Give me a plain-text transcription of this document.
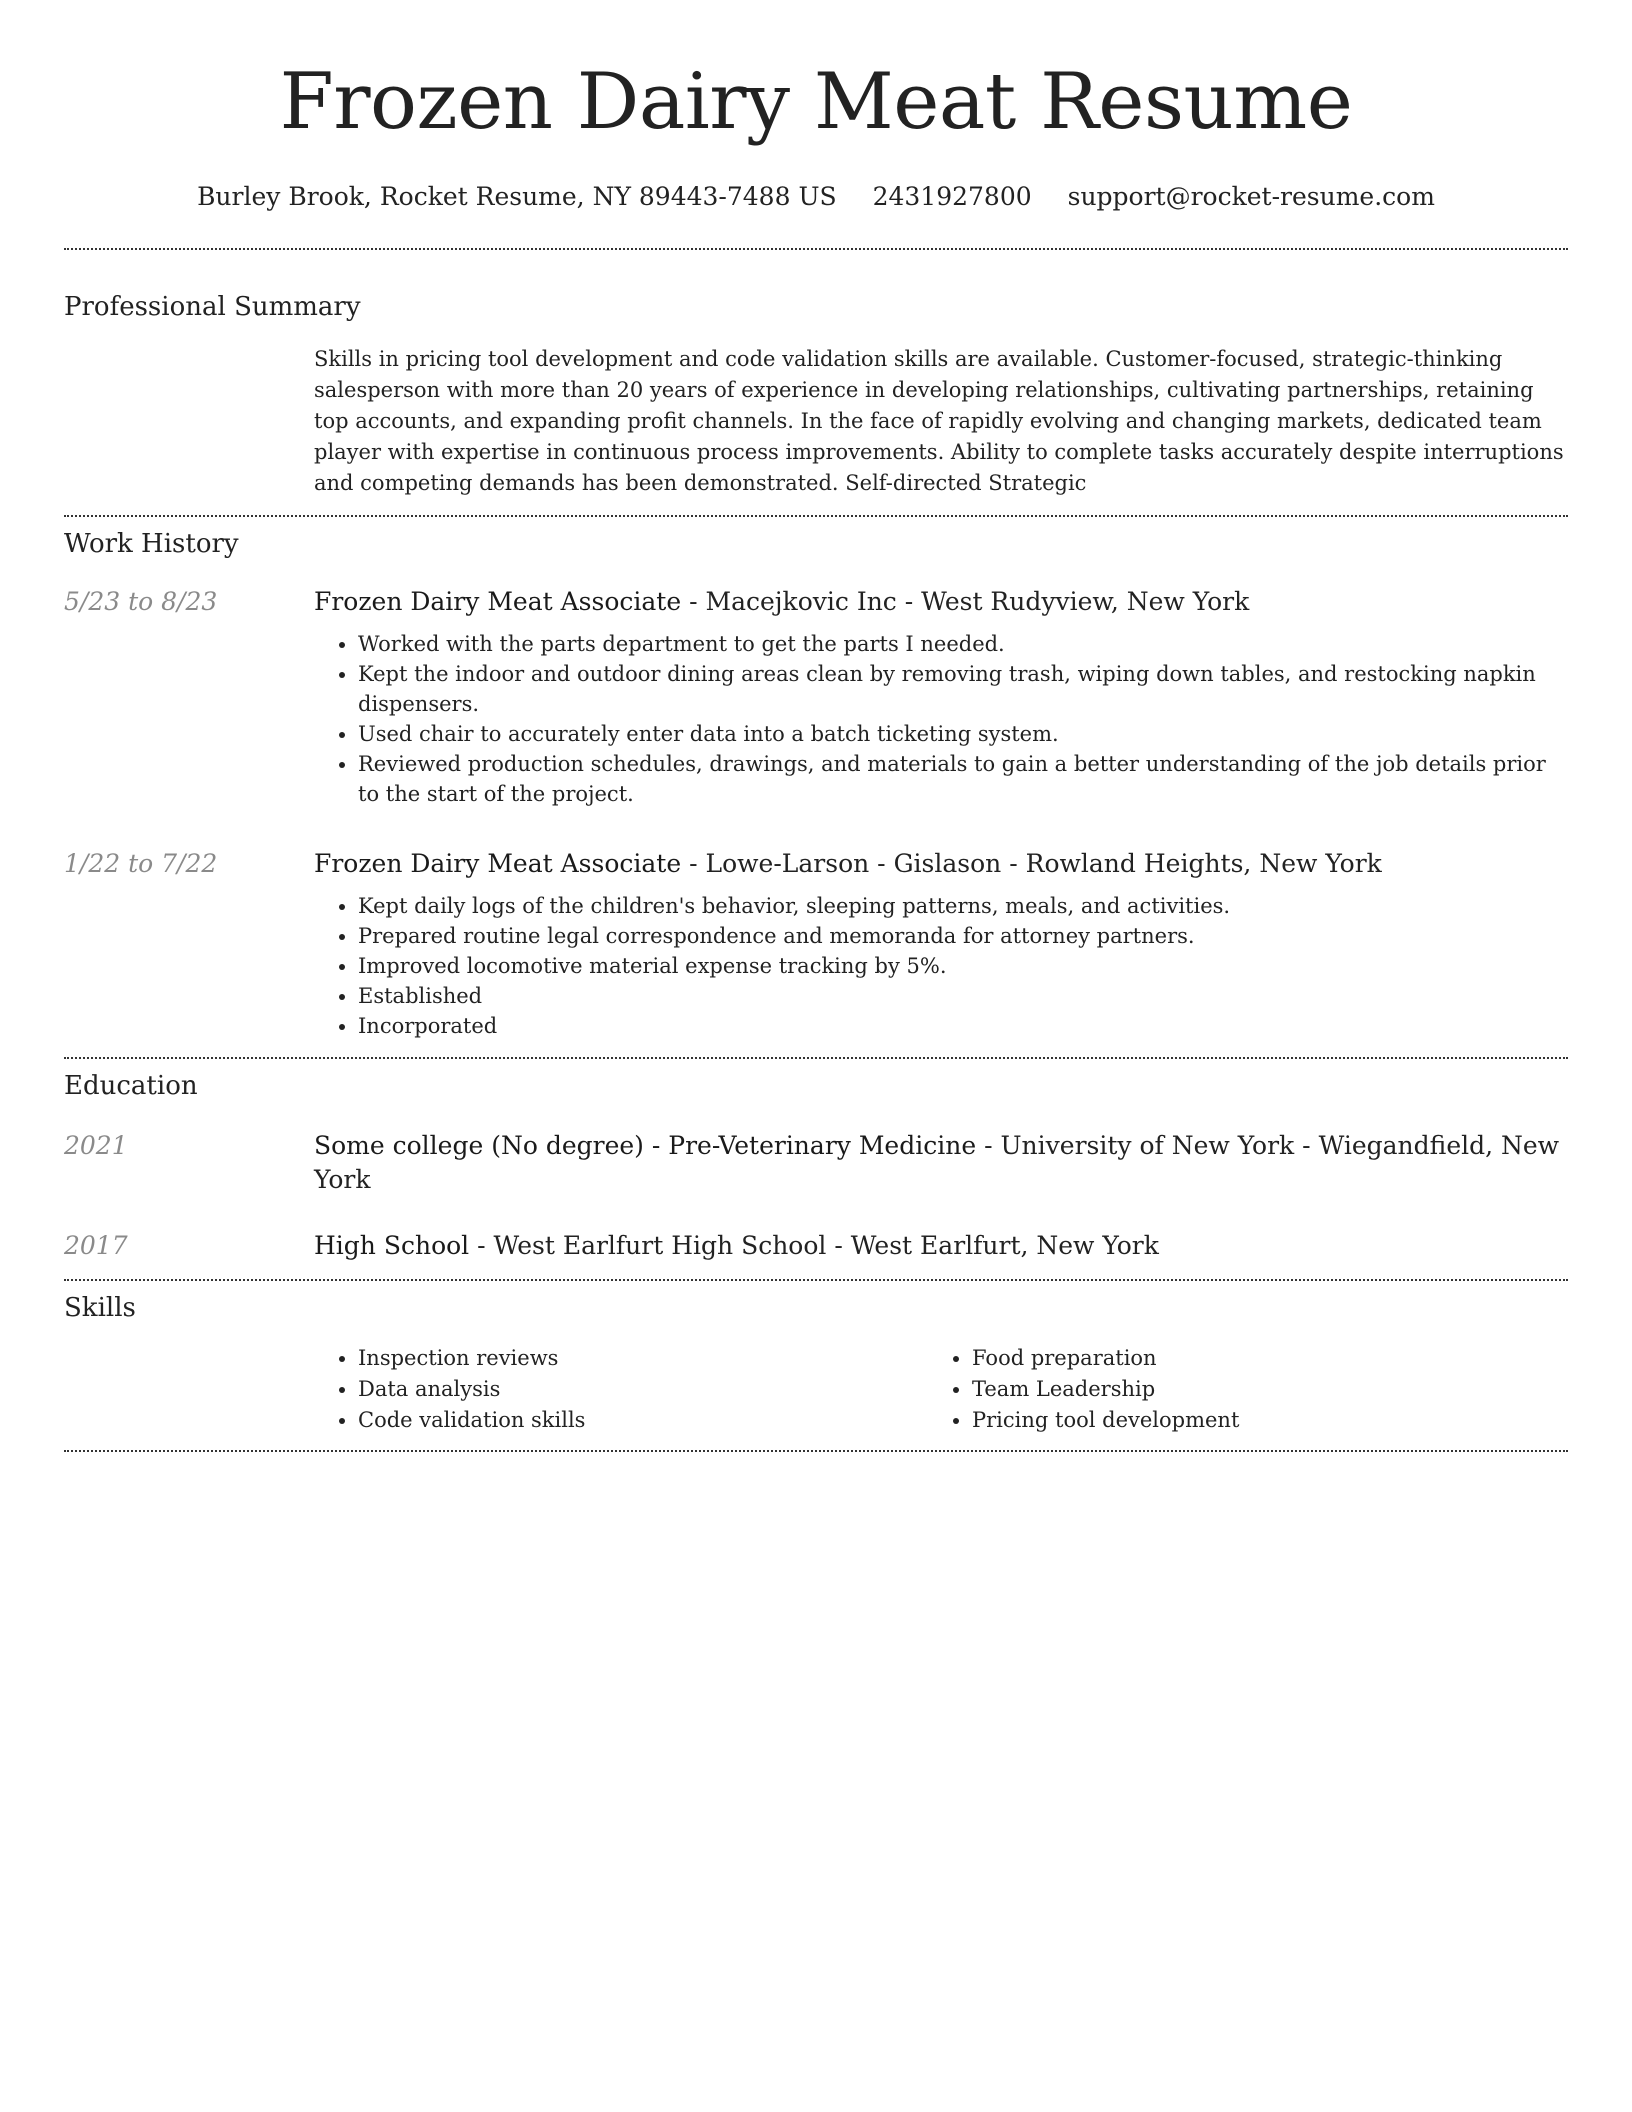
Frozen Dairy Meat Resume
Burley Brook, Rocket Resume, NY 89443-7488 US 2431927800 support@rocket-resume.com
Professional Summary

Skills in pricing tool development and code validation skills are available. Customer-focused, strategic-thinking salesperson with more than 20 years of experience in developing relationships, cultivating partnerships, retaining top accounts, and expanding profit channels. In the face of rapidly evolving and changing markets, dedicated team player with expertise in continuous process improvements. Ability to complete tasks accurately despite interruptions and competing demands has been demonstrated. Self-directed Strategic

Work History
5/23 to 8/23	Frozen Dairy Meat Associate - Macejkovic Inc - West Rudyview, New York
• Worked with the parts department to get the parts I needed.
• Kept the indoor and outdoor dining areas clean by removing trash, wiping down tables, and restocking napkin dispensers.
• Used chair to accurately enter data into a batch ticketing system.
• Reviewed production schedules, drawings, and materials to gain a better understanding of the job details prior to the start of the project.
1/22 to 7/22	Frozen Dairy Meat Associate - Lowe-Larson - Gislason - Rowland Heights, New York
• Kept daily logs of the children's behavior, sleeping patterns, meals, and activities.
• Prepared routine legal correspondence and memoranda for attorney partners.
• Improved locomotive material expense tracking by 5%.
• Established
• Incorporated
Education
2021	Some college (No degree) - Pre-Veterinary Medicine - University of New York - Wiegandfield, New York
2017	High School - West Earlfurt High School - West Earlfurt, New York
Skills
• Inspection reviews
• Data analysis
• Code validation skills
• Food preparation
• Team Leadership
• Pricing tool development
